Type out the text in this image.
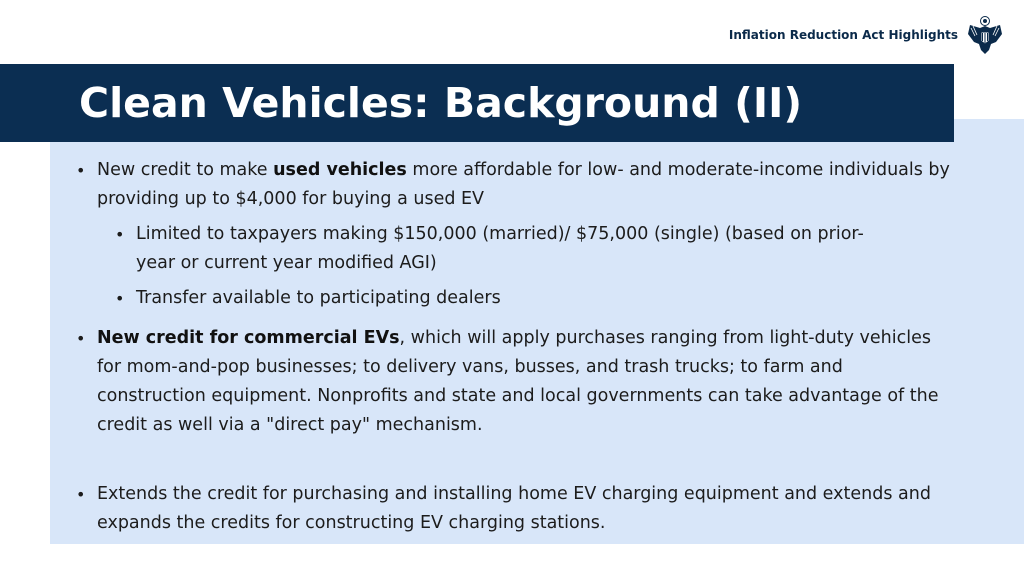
Inflation Reduction Act Highlights
Clean Vehicles: Background (II)

• New credit to make used vehicles more affordable for low- and moderate-income individuals by providing up to $4,000 for buying a used EV

• Limited to taxpayers making $150,000 (married)/ $75,000 (single) (based on prior-year or current year modified AGI)

• Transfer available to participating dealers

• New credit for commercial EVs, which will apply purchases ranging from light-duty vehicles for mom-and-pop businesses; to delivery vans, busses, and trash trucks; to farm and construction equipment. Nonprofits and state and local governments can take advantage of the credit as well via a "direct pay" mechanism.

• Extends the credit for purchasing and installing home EV charging equipment and extends and expands the credits for constructing EV charging stations.
